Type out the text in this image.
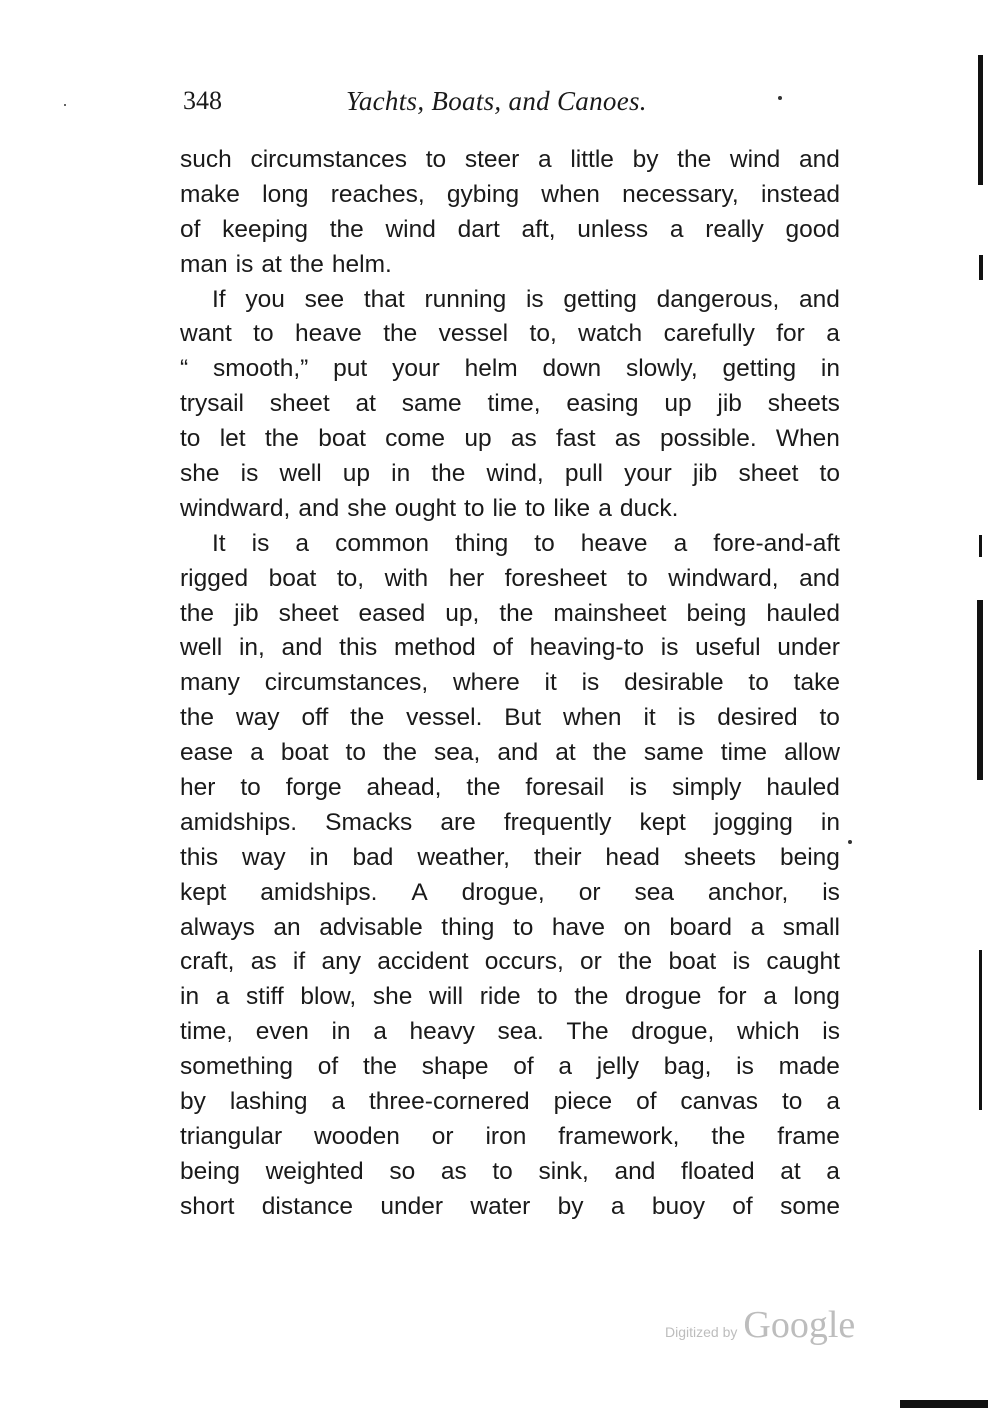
348	Yachts, Boats, and Canoes.
such circumstances to steer a little by the wind and
make long reaches, gybing when necessary, instead
of keeping the wind dart aft, unless a really good
man is at the helm.
If you see that running is getting dangerous, and
want to heave the vessel to, watch carefully for a
“ smooth,” put your helm down slowly, getting in
trysail sheet at same time, easing up jib sheets
to let the boat come up as fast as possible. When
she is well up in the wind, pull your jib sheet to
windward, and she ought to lie to like a duck.
It is a common thing to heave a fore-and-aft
rigged boat to, with her foresheet to windward, and
the jib sheet eased up, the mainsheet being hauled
well in, and this method of heaving-to is useful under
many circumstances, where it is desirable to take
the way off the vessel. But when it is desired to
ease a boat to the sea, and at the same time allow
her to forge ahead, the foresail is simply hauled
amidships. Smacks are frequently kept jogging in
this way in bad weather, their head sheets being
kept amidships. A drogue, or sea anchor, is
always an advisable thing to have on board a small
craft, as if any accident occurs, or the boat is caught
in a stiff blow, she will ride to the drogue for a long
time, even in a heavy sea. The drogue, which is
something of the shape of a jelly bag, is made
by lashing a three-cornered piece of canvas to a
triangular wooden or iron framework, the frame
being weighted so as to sink, and floated at a
short distance under water by a buoy of some
Digitized by Google
